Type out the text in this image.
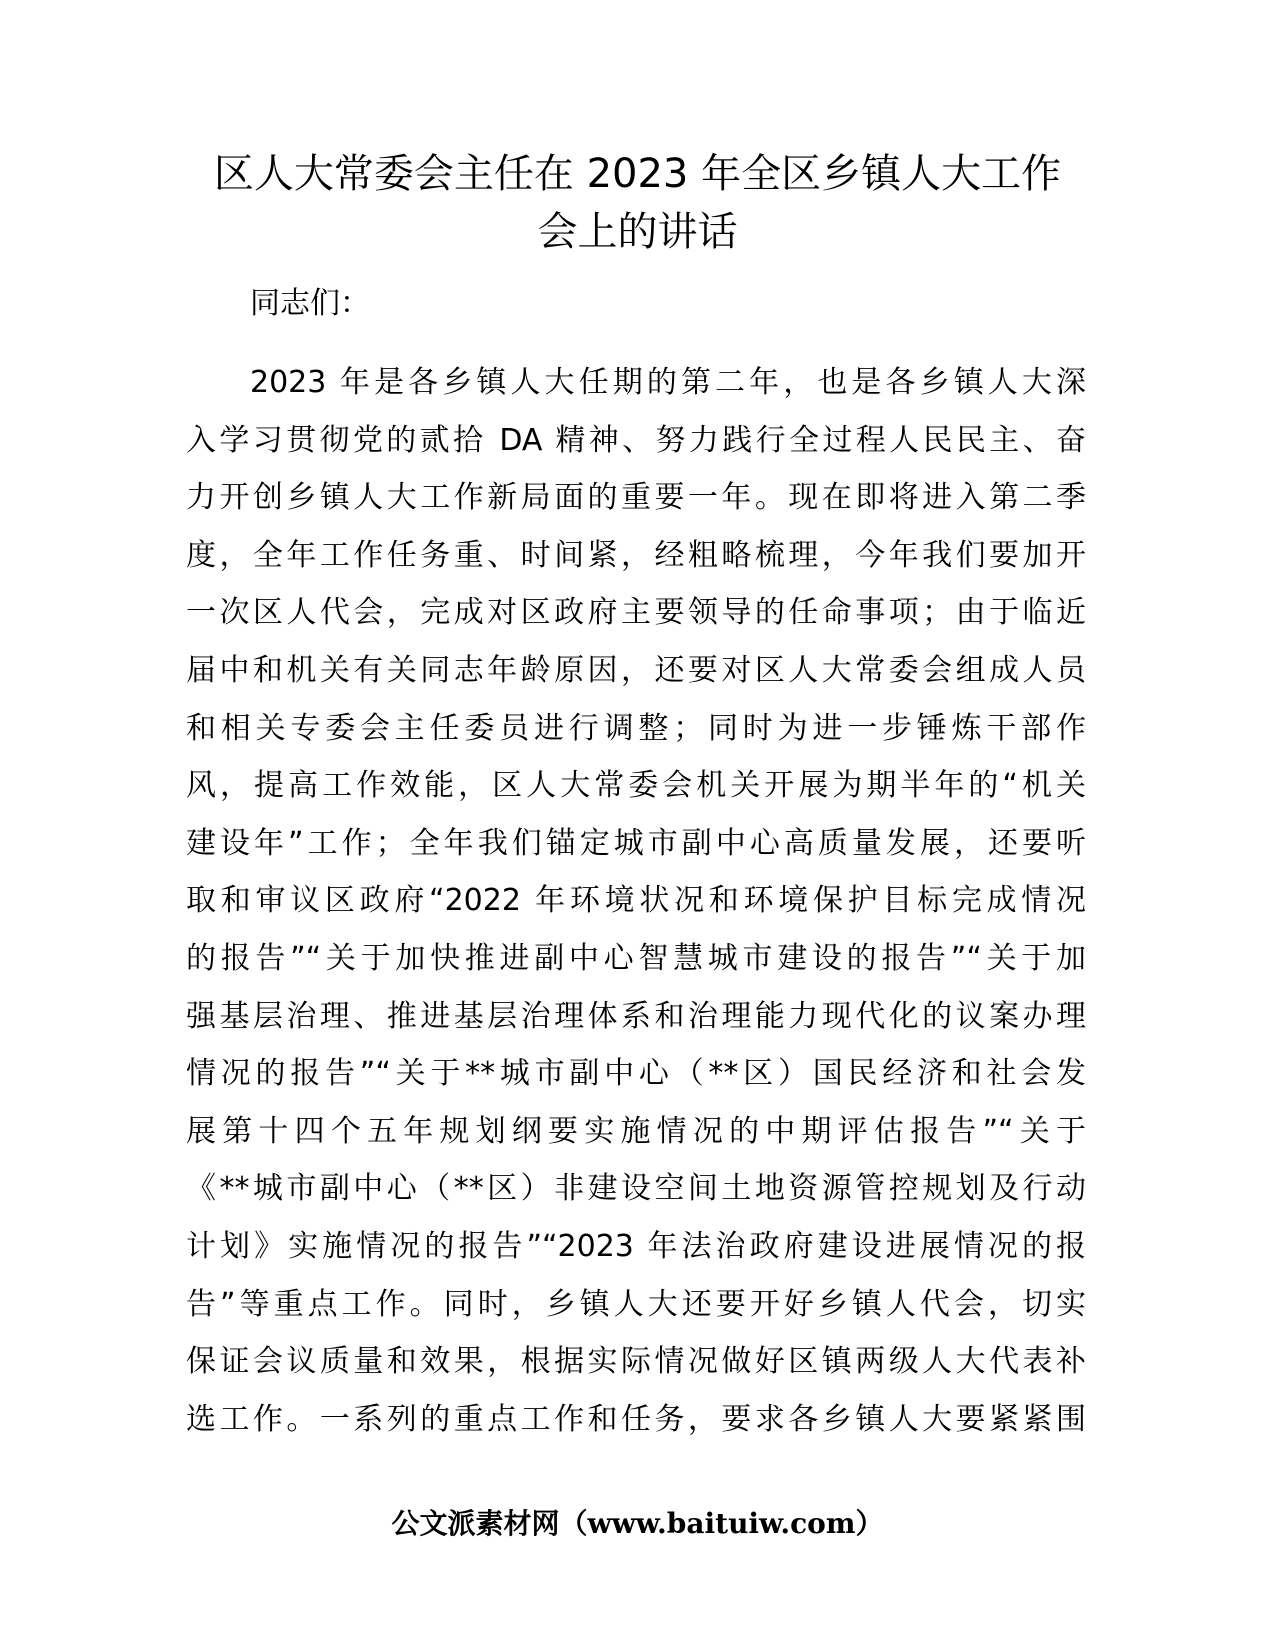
区人大常委会主任在 2023 年全区乡镇人大工作
会上的讲话

同志们：

2023 年是各乡镇人大任期的第二年，也是各乡镇人大深
入学习贯彻党的贰拾 DA 精神、努力践行全过程人民民主、奋
力开创乡镇人大工作新局面的重要一年。现在即将进入第二季
度，全年工作任务重、时间紧，经粗略梳理，今年我们要加开
一次区人代会，完成对区政府主要领导的任命事项；由于临近
届中和机关有关同志年龄原因，还要对区人大常委会组成人员
和相关专委会主任委员进行调整；同时为进一步锤炼干部作
风，提高工作效能，区人大常委会机关开展为期半年的“机关
建设年”工作；全年我们锚定城市副中心高质量发展，还要听
取和审议区政府“2022 年环境状况和环境保护目标完成情况
的报告”“关于加快推进副中心智慧城市建设的报告”“关于加
强基层治理、推进基层治理体系和治理能力现代化的议案办理
情况的报告”“关于**城市副中心（**区）国民经济和社会发
展第十四个五年规划纲要实施情况的中期评估报告”“关于
《**城市副中心（**区）非建设空间土地资源管控规划及行动
计划》实施情况的报告”“2023 年法治政府建设进展情况的报
告”等重点工作。同时，乡镇人大还要开好乡镇人代会，切实
保证会议质量和效果，根据实际情况做好区镇两级人大代表补
选工作。一系列的重点工作和任务，要求各乡镇人大要紧紧围
公文派素材网（www.baituiw.com）
